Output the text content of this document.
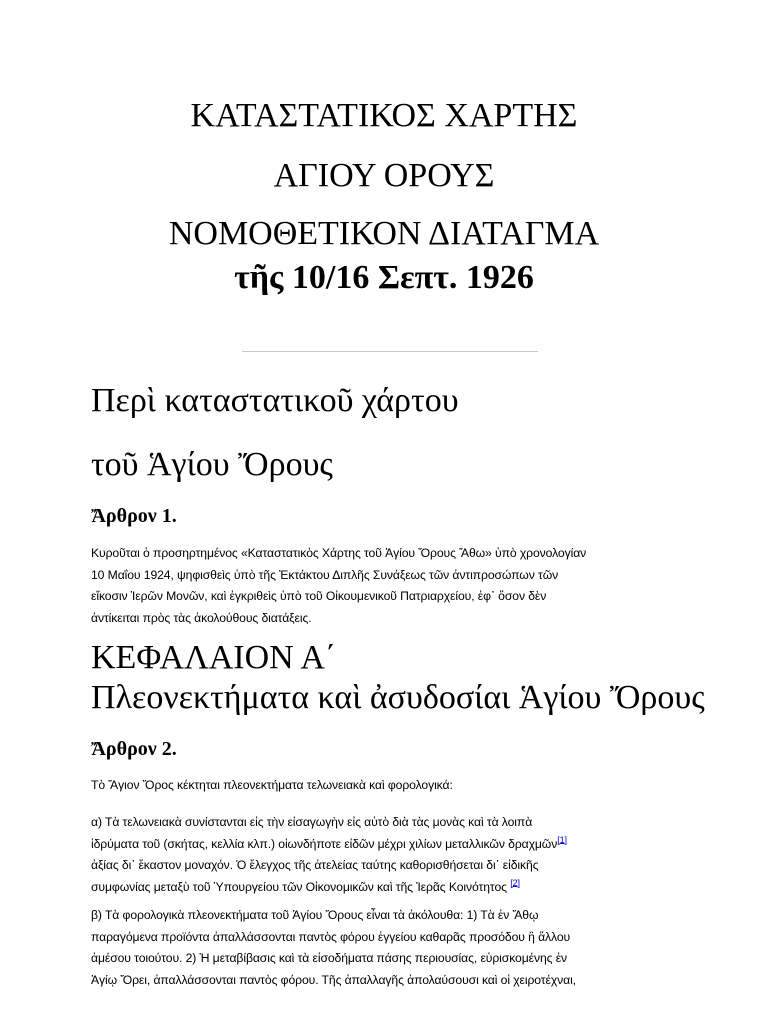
ΚΑΤΑΣΤΑΤΙΚΟΣ ΧΑΡΤΗΣ
ΑΓΙΟΥ ΟΡΟΥΣ
ΝΟΜΟΘΕΤΙΚΟΝ ΔΙΑΤΑΓΜΑ
τῆς 10/16 Σεπτ. 1926
Περὶ καταστατικοῦ χάρτου
τοῦ Ἁγίου Ὄρους
Ἄρθρον 1.
Κυροῦται ὁ προσηρτημένος «Καταστατικὸς Χάρτης τοῦ Ἁγίου Ὄρους Ἄθω» ὑπὸ χρονολογίαν
10 Μαΐου 1924, ψηφισθεὶς ὑπὸ τῆς Ἐκτάκτου Διπλῆς Συνάξεως τῶν ἀντιπροσώπων τῶν
εἴκοσιν Ἱερῶν Μονῶν, καὶ ἐγκριθεὶς ὑπὸ τοῦ Οἰκουμενικοῦ Πατριαρχείου, ἐφ᾽ ὅσον δὲν
ἀντίκειται πρὸς τὰς ἀκολούθους διατάξεις.
ΚΕΦΑΛΑΙΟΝ Α΄
Πλεονεκτήματα καὶ ἀσυδοσίαι Ἁγίου Ὄρους
Ἄρθρον 2.
Τὸ Ἅγιον Ὄρος κέκτηται πλεονεκτήματα τελωνειακὰ καὶ φορολογικά:
α) Τὰ τελωνειακὰ συνίστανται εἰς τὴν εἰσαγωγὴν εἰς αὐτὸ διὰ τὰς μονὰς καὶ τὰ λοιπὰ
ἱδρύματα τοῦ (σκήτας, κελλία κλπ.) οἱωνδήποτε εἰδῶν μέχρι χιλίων μεταλλικῶν δραχμῶν[1]
ἀξίας δι᾽ ἕκαστον μοναχόν. Ὁ ἔλεγχος τῆς ἀτελείας ταύτης καθορισθήσεται δι᾽ εἰδικῆς
συμφωνίας μεταξὺ τοῦ Ὑπουργείου τῶν Οἰκονομικῶν καὶ τῆς Ἱερᾶς Κοινότητος [2]
β) Τὰ φορολογικὰ πλεονεκτήματα τοῦ Ἁγίου Ὄρους εἶναι τὰ ἀκόλουθα: 1) Τὰ ἐν Ἄθῳ
παραγόμενα προϊόντα ἀπαλλάσσονται παντὸς φόρου ἐγγείου καθαρᾶς προσόδου ἢ ἄλλου
ἀμέσου τοιούτου. 2) Ἡ μεταβίβασις καὶ τὰ εἰσοδήματα πάσης περιουσίας, εὑρισκομένης ἐν
Ἁγίῳ Ὄρει, ἀπαλλάσσονται παντὸς φόρου. Τῆς ἀπαλλαγῆς ἀπολαύσουσι καὶ οἱ χειροτέχναι,
